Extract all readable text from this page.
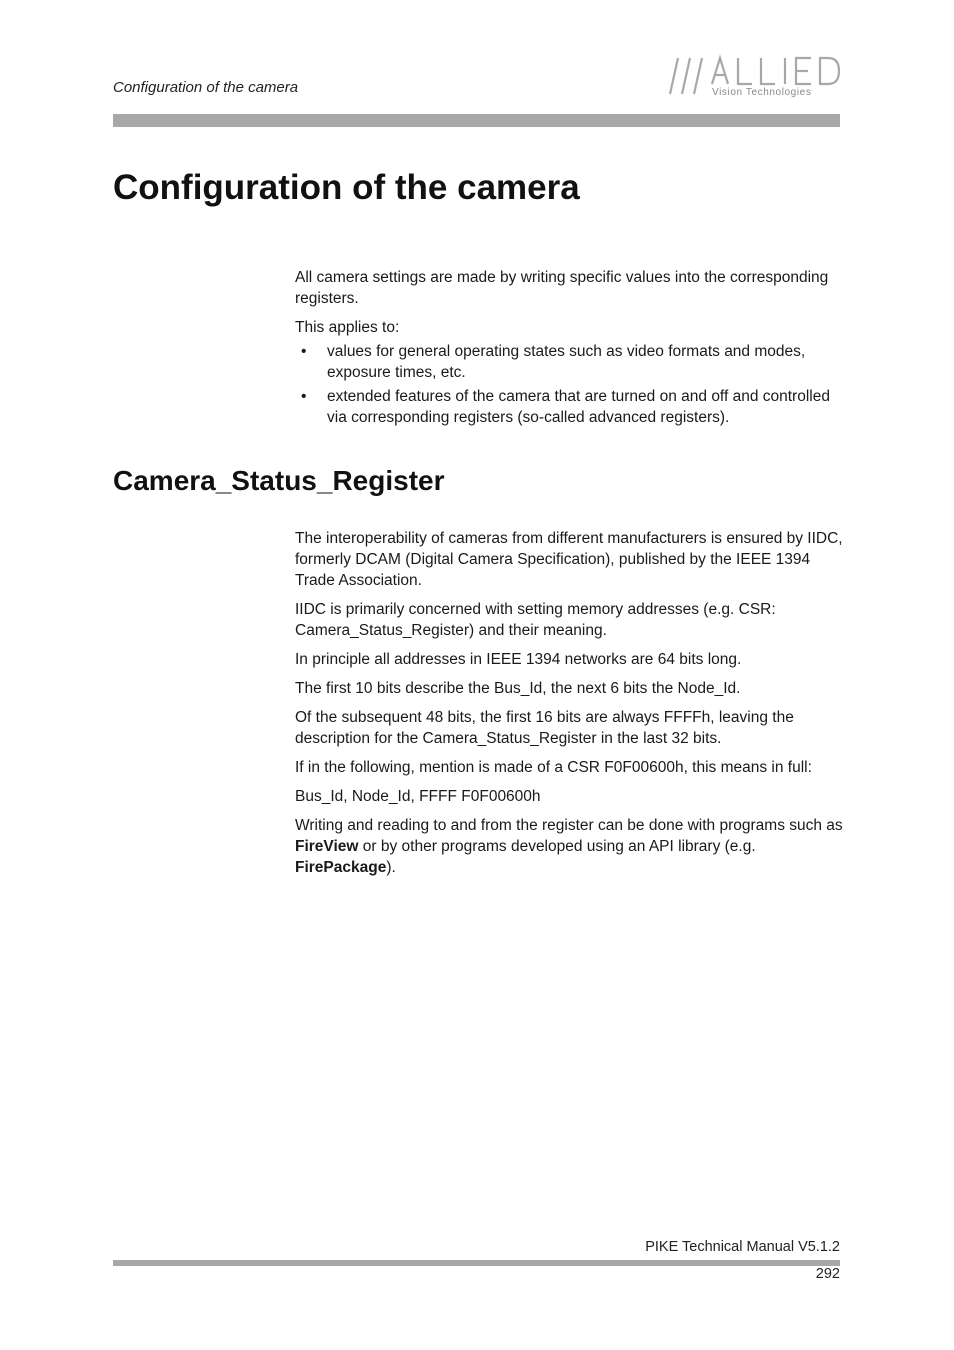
Configuration of the camera	Vision Technologies
Configuration of the camera

All camera settings are made by writing specific values into the corresponding registers.

This applies to:

• values for general operating states such as video formats and modes, exposure times, etc.
• extended features of the camera that are turned on and off and controlled via corresponding registers (so-called advanced registers).
Camera_Status_Register

The interoperability of cameras from different manufacturers is ensured by IIDC, formerly DCAM (Digital Camera Specification), published by the IEEE 1394 Trade Association.

IIDC is primarily concerned with setting memory addresses (e.g. CSR: Camera_Status_Register) and their meaning.

In principle all addresses in IEEE 1394 networks are 64 bits long.

The first 10 bits describe the Bus_Id, the next 6 bits the Node_Id.

Of the subsequent 48 bits, the first 16 bits are always FFFFh, leaving the description for the Camera_Status_Register in the last 32 bits.

If in the following, mention is made of a CSR F0F00600h, this means in full:

Bus_Id, Node_Id, FFFF F0F00600h

Writing and reading to and from the register can be done with programs such as FireView or by other programs developed using an API library (e.g. FirePackage).

PIKE Technical Manual V5.1.2
292
